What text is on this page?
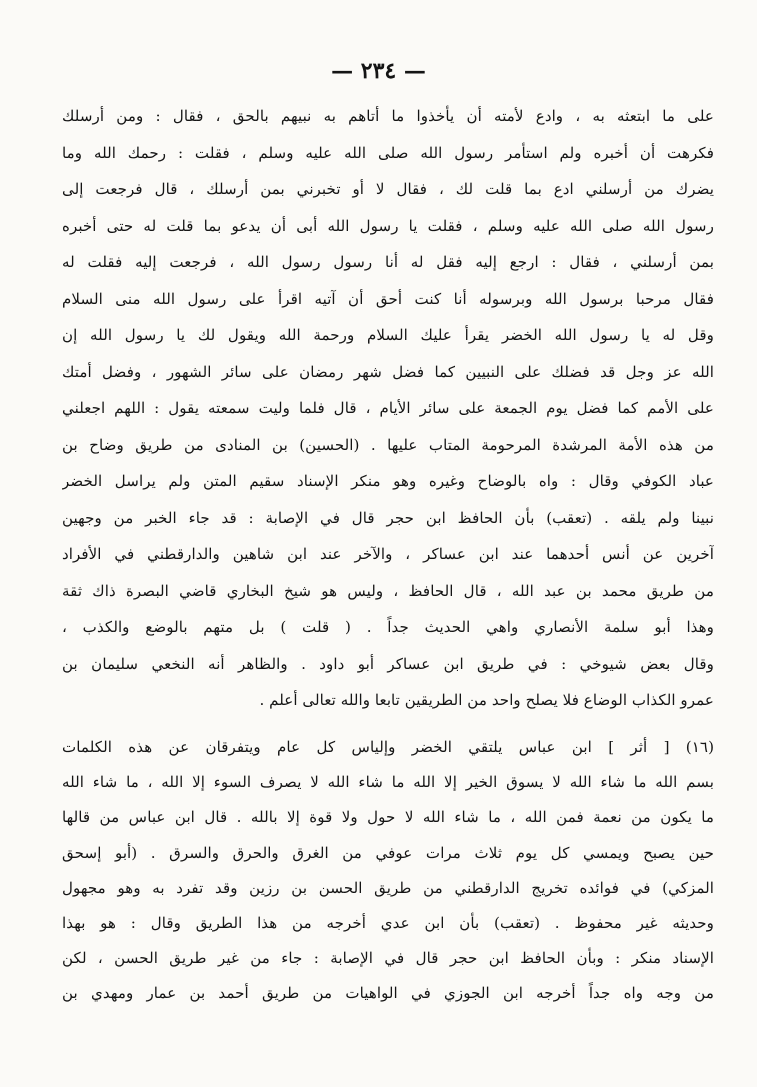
— ٢٣٤ —
على ما ابتعثه به ، وادع لأمته أن يأخذوا ما أتاهم به نبيهم بالحق ، فقال : ومن أرسلك
فكرهت أن أخبره ولم استأمر رسول الله صلى الله عليه وسلم ، فقلت : رحمك الله وما
يضرك من أرسلني ادع بما قلت لك ، فقال لا أو تخبرني بمن أرسلك ، قال فرجعت إلى
رسول الله صلى الله عليه وسلم ، فقلت يا رسول الله أبى أن يدعو بما قلت له حتى أخبره
بمن أرسلني ، فقال : ارجع إليه فقل له أنا رسول رسول الله ، فرجعت إليه فقلت له
فقال مرحبا برسول الله وبرسوله أنا كنت أحق أن آتيه اقرأ على رسول الله منى السلام
وقل له يا رسول الله الخضر يقرأ عليك السلام ورحمة الله ويقول لك يا رسول الله إن
الله عز وجل قد فضلك على النبيين كما فضل شهر رمضان على سائر الشهور ، وفضل أمتك
على الأمم كما فضل يوم الجمعة على سائر الأيام ، قال فلما وليت سمعته يقول : اللهم اجعلني
من هذه الأمة المرشدة المرحومة المتاب عليها . (الحسين) بن المنادى من طريق وضاح بن
عباد الكوفي وقال : واه بالوضاح وغيره وهو منكر الإسناد سقيم المتن ولم يراسل الخضر
نبينا ولم يلقه . (تعقب) بأن الحافظ ابن حجر قال في الإصابة : قد جاء الخبر من وجهين
آخرين عن أنس أحدهما عند ابن عساكر ، والآخر عند ابن شاهين والدارقطني في الأفراد
من طريق محمد بن عبد الله ، قال الحافظ ، وليس هو شيخ البخاري قاضي البصرة ذاك ثقة
وهذا أبو سلمة الأنصاري واهي الحديث جداً . ( قلت ) بل متهم بالوضع والكذب ،
وقال بعض شيوخي : في طريق ابن عساكر أبو داود . والظاهر أنه النخعي سليمان بن
عمرو الكذاب الوضاع فلا يصلح واحد من الطريقين تابعا والله تعالى أعلم .
(١٦) [ أثر ] ابن عباس يلتقي الخضر وإلياس كل عام ويتفرقان عن هذه الكلمات
بسم الله ما شاء الله لا يسوق الخير إلا الله ما شاء الله لا يصرف السوء إلا الله ، ما شاء الله
ما يكون من نعمة فمن الله ، ما شاء الله لا حول ولا قوة إلا بالله . قال ابن عباس من قالها
حين يصبح ويمسي كل يوم ثلاث مرات عوفي من الغرق والحرق والسرق . (أبو إسحق
المزكي) في فوائده تخريج الدارقطني من طريق الحسن بن رزين وقد تفرد به وهو مجهول
وحديثه غير محفوظ . (تعقب) بأن ابن عدي أخرجه من هذا الطريق وقال : هو بهذا
الإسناد منكر : وبأن الحافظ ابن حجر قال في الإصابة : جاء من غير طريق الحسن ، لكن
من وجه واه جداً أخرجه ابن الجوزي في الواهيات من طريق أحمد بن عمار ومهدي بن
